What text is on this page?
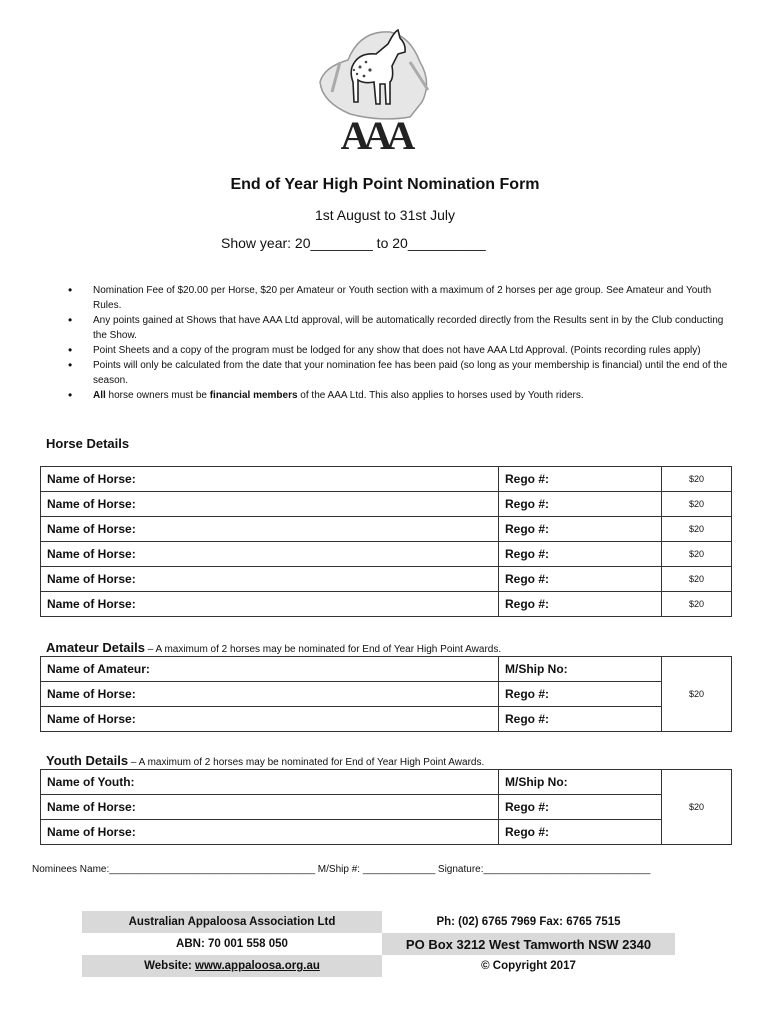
AAA
End of Year High Point Nomination Form
1st August to 31st July
Show year: 20________ to 20__________
• Nomination Fee of $20.00 per Horse, $20 per Amateur or Youth section with a maximum of 2 horses per age group. See Amateur and Youth Rules.
• Any points gained at Shows that have AAA Ltd approval, will be automatically recorded directly from the Results sent in by the Club conducting the Show.
• Point Sheets and a copy of the program must be lodged for any show that does not have AAA Ltd Approval. (Points recording rules apply)
• Points will only be calculated from the date that your nomination fee has been paid (so long as your membership is financial) until the end of the season.
• All horse owners must be financial members of the AAA Ltd. This also applies to horses used by Youth riders.
Horse Details
Name of Horse:	Rego #:	$20
Name of Horse:	Rego #:	$20
Name of Horse:	Rego #:	$20
Name of Horse:	Rego #:	$20
Name of Horse:	Rego #:	$20
Name of Horse:	Rego #:	$20
Amateur Details – A maximum of 2 horses may be nominated for End of Year High Point Awards.
Name of Amateur:	M/Ship No:	$20
Name of Horse:	Rego #:	
Name of Horse:	Rego #:	
Youth Details – A maximum of 2 horses may be nominated for End of Year High Point Awards.
Name of Youth:	M/Ship No:	$20
Name of Horse:	Rego #:	
Name of Horse:	Rego #:	
Nominees Name:_____________________________________ M/Ship #: _____________ Signature:______________________________
Australian Appaloosa Association Ltd	Ph: (02) 6765 7969 Fax: 6765 7515
ABN: 70 001 558 050	PO Box 3212 West Tamworth NSW 2340
Website: www.appaloosa.org.au	© Copyright 2017
